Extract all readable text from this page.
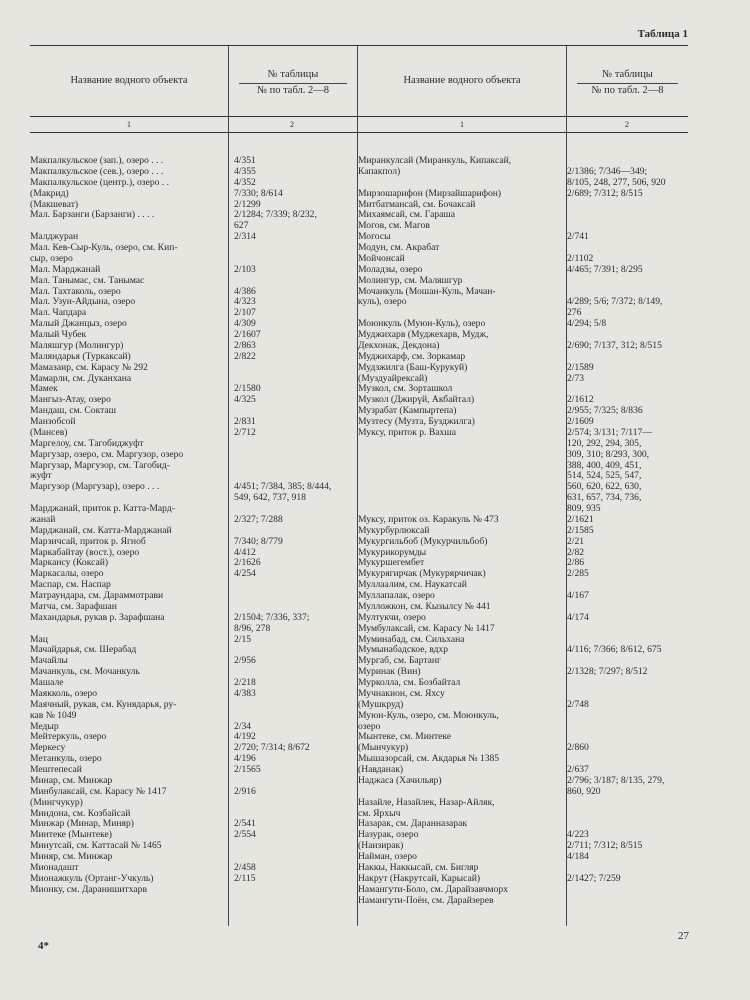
Таблица 1
Название водного объекта
№ таблицы
№ по табл. 2—8
Название водного объекта
№ таблицы
№ по табл. 2—8
1	2	1	2
Макпалкульское (зап.), озеро . . .	4/351
Макпалкульское (сев.), озеро . . .	4/355
Макпалкульское (центр.), озеро . .	4/352
(Макрид)	7/330; 8/614
(Макшеват)	2/1299
Мал. Барзанги (Барзанги) . . . .	2/1284; 7/339; 8/232,
627
Малджуран	2/314
Мал. Кев-Сыр-Куль, озеро, см. Кип-
сыр, озеро
Мал. Марджанай	2/103
Мал. Танымас, см. Танымас
Мал. Тахтаколь, озеро	4/386
Мал. Узун-Айдына, озеро	4/323
Мал. Чапдара	2/107
Малый Джанцыз, озеро	4/309
Малый Чубек	2/1607
Маляшгур (Молингур)	2/863
Маляндарья (Туркаксай)	2/822
Мамазаир, см. Карасу № 292
Мамарли, см. Дуканхана
Мамек	2/1580
Мангыз-Атау, озеро	4/325
Мандаш, см. Сокташ
Манзобсой	2/831
(Мансев)	2/712
Маргелоу, см. Тагобиджуфт
Маргузар, озеро, см. Маргузор, озеро
Маргузар, Маргузор, см. Тагобид-
жуфт
Маргузор (Маргузар), озеро . . .	4/451; 7/384, 385; 8/444,
549, 642, 737, 918
Марджанай, приток р. Катта-Мард-
жанай	2/327; 7/288
Марджанай, см. Катта-Марджанай
Марзичсай, приток р. Ягноб	7/340; 8/779
Маркабайтау (вост.), озеро	4/412
Маркансу (Коксай)	2/1626
Маркасалы, озеро	4/254
Маспар, см. Наспар
Матраундара, см. Дараммотрави
Матча, см. Зарафшан
Махандарья, рукав р. Зарафшана	2/1504; 7/336, 337;
8/96, 278
Мац	2/15
Мачайдарья, см. Шерабад
Мачайлы	2/956
Мачанкуль, см. Мочанкуль
Машале	2/218
Маякколь, озеро	4/383
Маячный, рукав, см. Кунядарья, ру-
кав № 1049
Медыр	2/34
Мейтеркуль, озеро	4/192
Меркесу	2/720; 7/314; 8/672
Метанкуль, озеро	4/196
Мештепесай	2/1565
Минар, см. Минжар
Минбулаксай, см. Карасу № 1417	2/916
(Мингчукур)
Миндона, см. Козбайсай
Минжар (Минар, Миняр)	2/541
Минтеке (Мынтеке)	2/554
Минутсай, см. Каттасай № 1465
Миняр, см. Минжар
Мионадашт	2/458
Мионажкуль (Ортанг-Учкуль)	2/115
Мионку, см. Даранишитхарв
Миранкулсай (Миранкуль, Кипаксай,
Капакпол)	2/1386; 7/346—349;
8/105, 248, 277, 506, 920
Мирзошарифон (Мирзайшарифон)	2/689; 7/312; 8/515
Митбатмансай, см. Бочаксай
Михаямсай, см. Гараша
Могов, см. Магов
Могосы	2/741
Модун, см. Акрабат
Мойчонсай	2/1102
Моладзы, озеро	4/465; 7/391; 8/295
Молингур, см. Маляшгур
Мочанкуль (Мошан-Куль, Мачан-
куль), озеро	4/289; 5/6; 7/372; 8/149,
276
Моюнкуль (Муюн-Куль), озеро	4/294; 5/8
Муджихарв (Муджехарв, Мудж,
Декхонак, Декдона)	2/690; 7/137, 312; 8/515
Муджихарф, см. Зоркамар
Мудзжилга (Баш-Курукуй)	2/1589
(Муздуайрексай)	2/73
Музкол, см. Зорташкол
Музкол (Джирүй, Акбайтал)	2/1612
Музрабат (Кампыртепа)	2/955; 7/325; 8/836
Музтесу (Музта, Бузджилга)	2/1609
Муксу, приток р. Вахша	2/574; 3/131; 7/117—
120, 292, 294, 305,
309, 310; 8/293, 300,
388, 400, 409, 451,
514, 524, 525, 547,
560, 620, 622, 630,
631, 657, 734, 736,
809, 935
Муксу, приток оз. Каракуль № 473	2/1621
Мукурбурлюксай	2/1585
Мукургильбоб (Мукурчильбоб)	2/21
Мукурикорумды	2/82
Мукуршегембет	2/86
Мукурягирчак (Мукурярчичак)	2/285
Муллаалим, см. Наукатсай
Муллапалак, озеро	4/167
Мулложкон, см. Кызылсу № 441
Мултукчи, озеро	4/174
Мумбулаксай, см. Карасу № 1417
Муминабад, см. Сильхана
Мумынабадское, вдхр	4/116; 7/366; 8/612, 675
Мургаб, см. Бартанг
Муринак (Вин)	2/1328; 7/297; 8/512
Мурколла, см. Бозбайтал
Мучнакион, см. Яхсу
(Мушкруд)	2/748
Муюн-Куль, озеро, см. Моюнкуль,
озеро
Мынтеке, см. Минтеке
(Мынчукур)	2/860
Мышазорсай, см. Акдарья № 1385
(Навданак)	2/637
Наджаса (Хачильяр)	2/796; 3/187; 8/135, 279,
860, 920
Назайле, Назайлек, Назар-Айляк,
см. Ярхыч
Назарак, см. Даранназарак
Назурак, озеро	4/223
(Наизирак)	2/711; 7/312; 8/515
Найман, озеро	4/184
Наккы, Наккысай, см. Бигляр
Накрут (Накрутсай, Карысай)	2/1427; 7/259
Намангути-Боло, см. Дарайзавчморх
Намангути-Поён, см. Дарайзерев
4*
27
